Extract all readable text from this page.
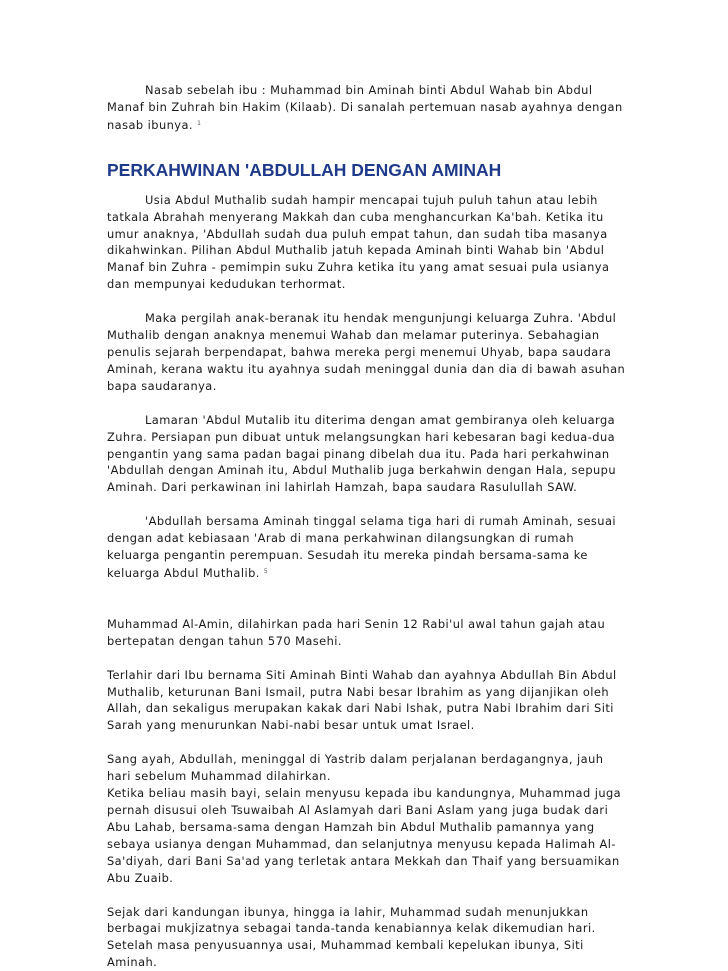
Nasab sebelah ibu : Muhammad bin Aminah binti Abdul Wahab bin Abdul Manaf bin Zuhrah bin Hakim (Kilaab). Di sanalah pertemuan nasab ayahnya dengan nasab ibunya. $^1$

PERKAHWINAN 'ABDULLAH DENGAN AMINAH

Usia Abdul Muthalib sudah hampir mencapai tujuh puluh tahun atau lebih tatkala Abrahah menyerang Makkah dan cuba menghancurkan Ka'bah. Ketika itu umur anaknya, 'Abdullah sudah dua puluh empat tahun, dan sudah tiba masanya dikahwinkan. Pilihan Abdul Muthalib jatuh kepada Aminah binti Wahab bin 'Abdul Manaf bin Zuhra - pemimpin suku Zuhra ketika itu yang amat sesuai pula usianya dan mempunyai kedudukan terhormat.

Maka pergilah anak-beranak itu hendak mengunjungi keluarga Zuhra. 'Abdul Muthalib dengan anaknya menemui Wahab dan melamar puterinya. Sebahagian penulis sejarah berpendapat, bahwa mereka pergi menemui Uhyab, bapa saudara Aminah, kerana waktu itu ayahnya sudah meninggal dunia dan dia di bawah asuhan bapa saudaranya.

Lamaran 'Abdul Mutalib itu diterima dengan amat gembiranya oleh keluarga Zuhra. Persiapan pun dibuat untuk melangsungkan hari kebesaran bagi kedua-dua pengantin yang sama padan bagai pinang dibelah dua itu. Pada hari perkahwinan 'Abdullah dengan Aminah itu, Abdul Muthalib juga berkahwin dengan Hala, sepupu Aminah. Dari perkawinan ini lahirlah Hamzah, bapa saudara Rasulullah SAW.

'Abdullah bersama Aminah tinggal selama tiga hari di rumah Aminah, sesuai dengan adat kebiasaan 'Arab di mana perkahwinan dilangsungkan di rumah keluarga pengantin perempuan. Sesudah itu mereka pindah bersama-sama ke keluarga Abdul Muthalib. $^5$

Muhammad Al-Amin, dilahirkan pada hari Senin 12 Rabi'ul awal tahun gajah atau bertepatan dengan tahun 570 Masehi.

Terlahir dari Ibu bernama Siti Aminah Binti Wahab dan ayahnya Abdullah Bin Abdul Muthalib, keturunan Bani Ismail, putra Nabi besar Ibrahim as yang dijanjikan oleh Allah, dan sekaligus merupakan kakak dari Nabi Ishak, putra Nabi Ibrahim dari Siti Sarah yang menurunkan Nabi-nabi besar untuk umat Israel.

Sang ayah, Abdullah, meninggal di Yastrib dalam perjalanan berdagangnya, jauh hari sebelum Muhammad dilahirkan.

Ketika beliau masih bayi, selain menyusu kepada ibu kandungnya, Muhammad juga pernah disusui oleh Tsuwaibah Al Aslamyah dari Bani Aslam yang juga budak dari Abu Lahab, bersama-sama dengan Hamzah bin Abdul Muthalib pamannya yang sebaya usianya dengan Muhammad, dan selanjutnya menyusu kepada Halimah Al-Sa'diyah, dari Bani Sa'ad yang terletak antara Mekkah dan Thaif yang bersuamikan Abu Zuaib.

Sejak dari kandungan ibunya, hingga ia lahir, Muhammad sudah menunjukkan berbagai mukjizatnya sebagai tanda-tanda kenabiannya kelak dikemudian hari. Setelah masa penyusuannya usai, Muhammad kembali kepelukan ibunya, Siti Aminah.
